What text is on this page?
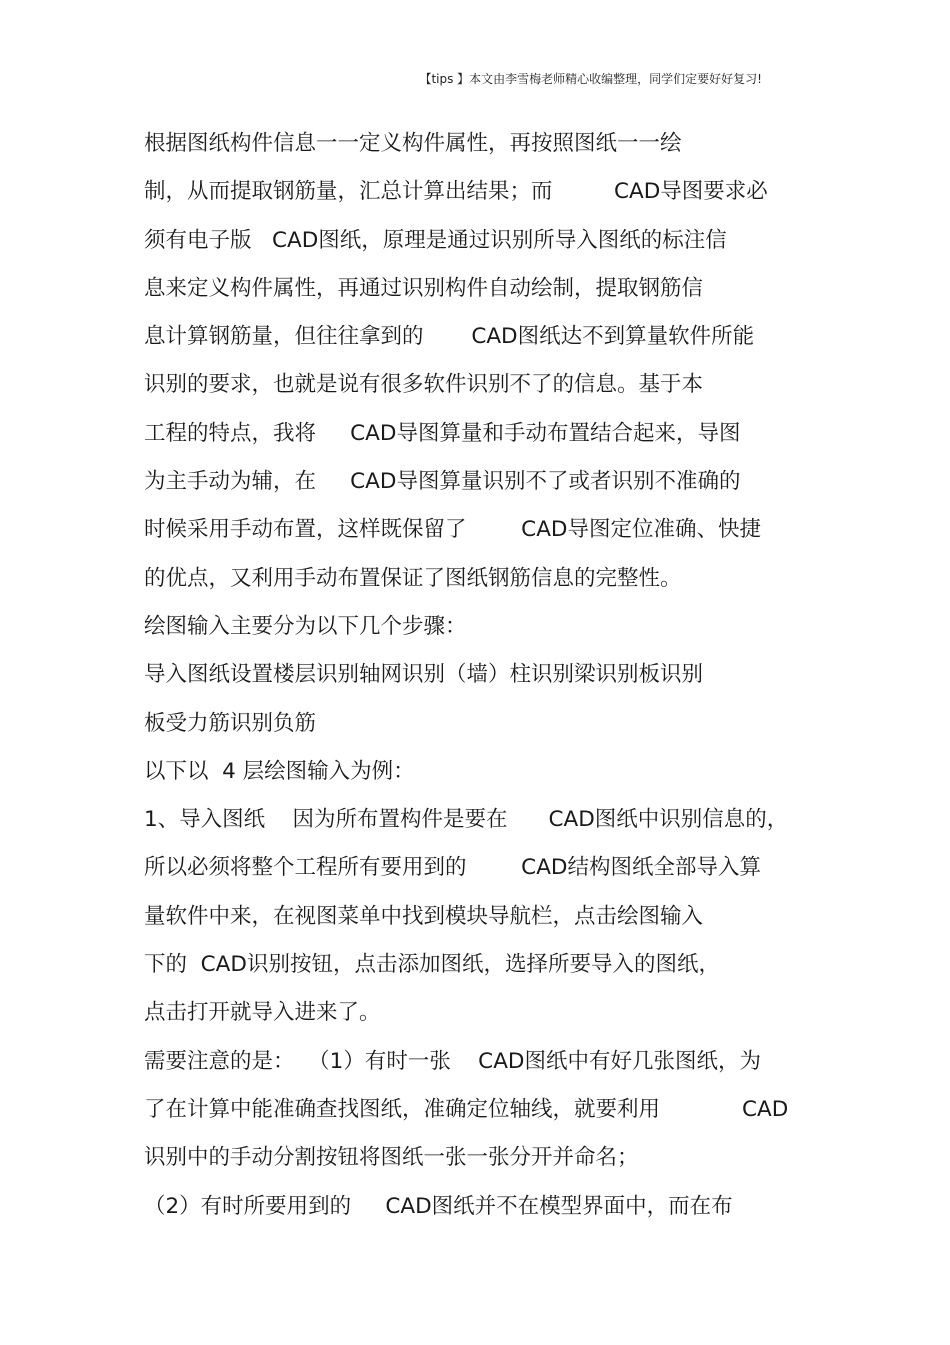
【tips 】本文由李雪梅老师精心收编整理，同学们定要好好复习!
根据图纸构件信息一一定义构件属性，再按照图纸一一绘
制，从而提取钢筋量，汇总计算出结果；而         CAD导图要求必
须有电子版   CAD图纸，原理是通过识别所导入图纸的标注信
息来定义构件属性，再通过识别构件自动绘制，提取钢筋信
息计算钢筋量，但往往拿到的       CAD图纸达不到算量软件所能
识别的要求，也就是说有很多软件识别不了的信息。基于本
工程的特点，我将     CAD导图算量和手动布置结合起来，导图
为主手动为辅，在     CAD导图算量识别不了或者识别不准确的
时候采用手动布置，这样既保留了        CAD导图定位准确、快捷
的优点，又利用手动布置保证了图纸钢筋信息的完整性。
绘图输入主要分为以下几个步骤：
导入图纸设置楼层识别轴网识别（墙）柱识别梁识别板识别
板受力筋识别负筋
以下以  4 层绘图输入为例：
1、导入图纸    因为所布置构件是要在      CAD图纸中识别信息的，
所以必须将整个工程所有要用到的        CAD结构图纸全部导入算
量软件中来，在视图菜单中找到模块导航栏，点击绘图输入
下的  CAD识别按钮，点击添加图纸，选择所要导入的图纸，
点击打开就导入进来了。
需要注意的是：  （1）有时一张    CAD图纸中有好几张图纸，为
了在计算中能准确查找图纸，准确定位轴线，就要利用            CAD
识别中的手动分割按钮将图纸一张一张分开并命名；
（2）有时所要用到的     CAD图纸并不在模型界面中，而在布
